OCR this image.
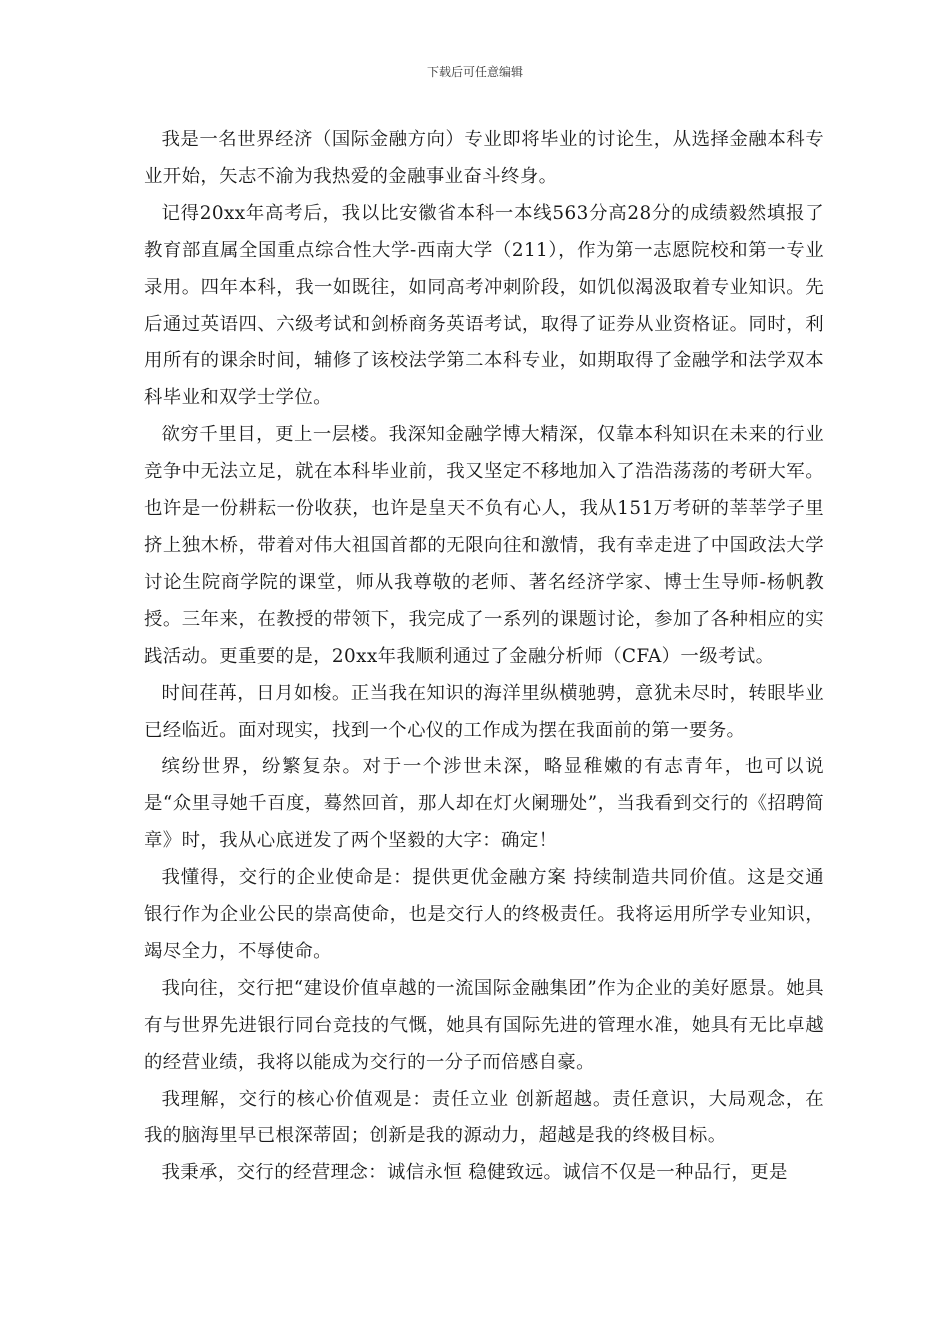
下载后可任意编辑

我是一名世界经济（国际金融方向）专业即将毕业的讨论生，从选择金融本科专业开始，矢志不渝为我热爱的金融事业奋斗终身。

记得20xx年高考后，我以比安徽省本科一本线563分高28分的成绩毅然填报了教育部直属全国重点综合性大学-西南大学（211），作为第一志愿院校和第一专业录用。四年本科，我一如既往，如同高考冲刺阶段，如饥似渴汲取着专业知识。先后通过英语四、六级考试和剑桥商务英语考试，取得了证券从业资格证。同时，利用所有的课余时间，辅修了该校法学第二本科专业，如期取得了金融学和法学双本科毕业和双学士学位。

欲穷千里目，更上一层楼。我深知金融学博大精深，仅靠本科知识在未来的行业竞争中无法立足，就在本科毕业前，我又坚定不移地加入了浩浩荡荡的考研大军。也许是一份耕耘一份收获，也许是皇天不负有心人，我从151万考研的莘莘学子里挤上独木桥，带着对伟大祖国首都的无限向往和激情，我有幸走进了中国政法大学讨论生院商学院的课堂，师从我尊敬的老师、著名经济学家、博士生导师-杨帆教授。三年来，在教授的带领下，我完成了一系列的课题讨论，参加了各种相应的实践活动。更重要的是，20xx年我顺利通过了金融分析师（CFA）一级考试。

时间荏苒，日月如梭。正当我在知识的海洋里纵横驰骋，意犹未尽时，转眼毕业已经临近。面对现实，找到一个心仪的工作成为摆在我面前的第一要务。

缤纷世界，纷繁复杂。对于一个涉世未深，略显稚嫩的有志青年，也可以说是“众里寻她千百度，蓦然回首，那人却在灯火阑珊处”，当我看到交行的《招聘简章》时，我从心底迸发了两个坚毅的大字：确定！

我懂得，交行的企业使命是：提供更优金融方案 持续制造共同价值。这是交通银行作为企业公民的崇高使命，也是交行人的终极责任。我将运用所学专业知识，竭尽全力，不辱使命。

我向往，交行把“建设价值卓越的一流国际金融集团”作为企业的美好愿景。她具有与世界先进银行同台竞技的气慨，她具有国际先进的管理水准，她具有无比卓越的经营业绩，我将以能成为交行的一分子而倍感自豪。

我理解，交行的核心价值观是：责任立业 创新超越。责任意识，大局观念，在我的脑海里早已根深蒂固；创新是我的源动力，超越是我的终极目标。

我秉承，交行的经营理念：诚信永恒 稳健致远。诚信不仅是一种品行，更是
